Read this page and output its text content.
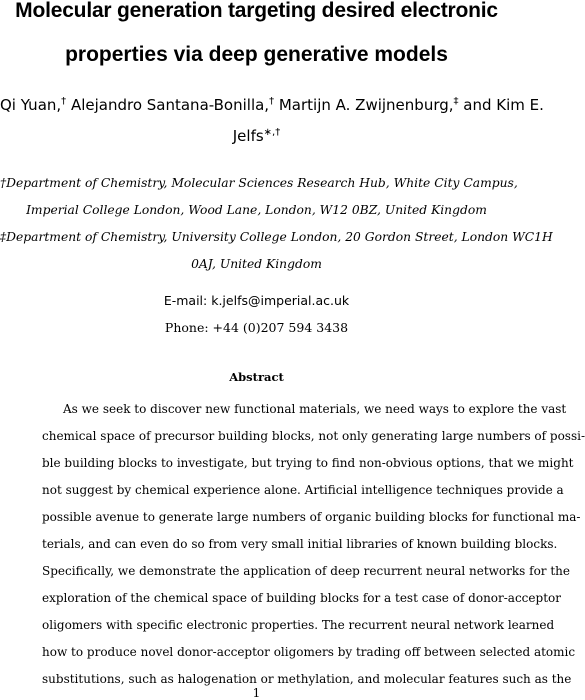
Molecular generation targeting desired electronic
properties via deep generative models
Qi Yuan,† Alejandro Santana-Bonilla,† Martijn A. Zwijnenburg,‡ and Kim E.
Jelfs∗,†
†Department of Chemistry, Molecular Sciences Research Hub, White City Campus,
Imperial College London, Wood Lane, London, W12 0BZ, United Kingdom
‡Department of Chemistry, University College London, 20 Gordon Street, London WC1H
0AJ, United Kingdom
E-mail: k.jelfs@imperial.ac.uk
Phone: +44 (0)207 594 3438
Abstract
As we seek to discover new functional materials, we need ways to explore the vast
chemical space of precursor building blocks, not only generating large numbers of possi-
ble building blocks to investigate, but trying to find non-obvious options, that we might
not suggest by chemical experience alone. Artificial intelligence techniques provide a
possible avenue to generate large numbers of organic building blocks for functional ma-
terials, and can even do so from very small initial libraries of known building blocks.
Specifically, we demonstrate the application of deep recurrent neural networks for the
exploration of the chemical space of building blocks for a test case of donor-acceptor
oligomers with specific electronic properties. The recurrent neural network learned
how to produce novel donor-acceptor oligomers by trading off between selected atomic
substitutions, such as halogenation or methylation, and molecular features such as the
1
